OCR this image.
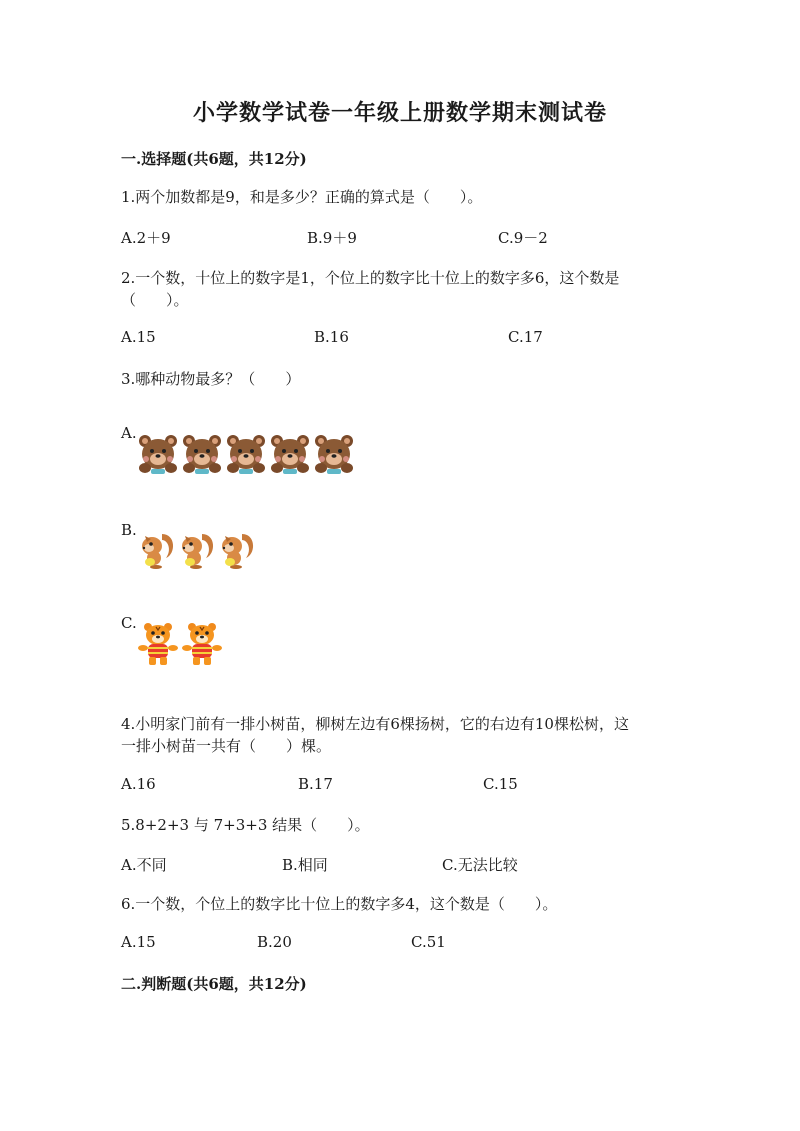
小学数学试卷一年级上册数学期末测试卷
一.选择题(共6题，共12分)
1.两个加数都是9，和是多少？正确的算式是（　　）。
A.2＋9	B.9＋9	C.9－2
2.一个数，十位上的数字是1，个位上的数字比十位上的数字多6，这个数是
（　　）。
A.15	B.16	C.17
3.哪种动物最多？（　　）
A.
B.
C.
4.小明家门前有一排小树苗，柳树左边有6棵扬树，它的右边有10棵松树，这
一排小树苗一共有（　　）棵。
A.16	B.17	C.15
5.8+2+3 与 7+3+3 结果（　　）。
A.不同	B.相同	C.无法比较
6.一个数，个位上的数字比十位上的数字多4，这个数是（　　）。
A.15	B.20	C.51
二.判断题(共6题，共12分)
